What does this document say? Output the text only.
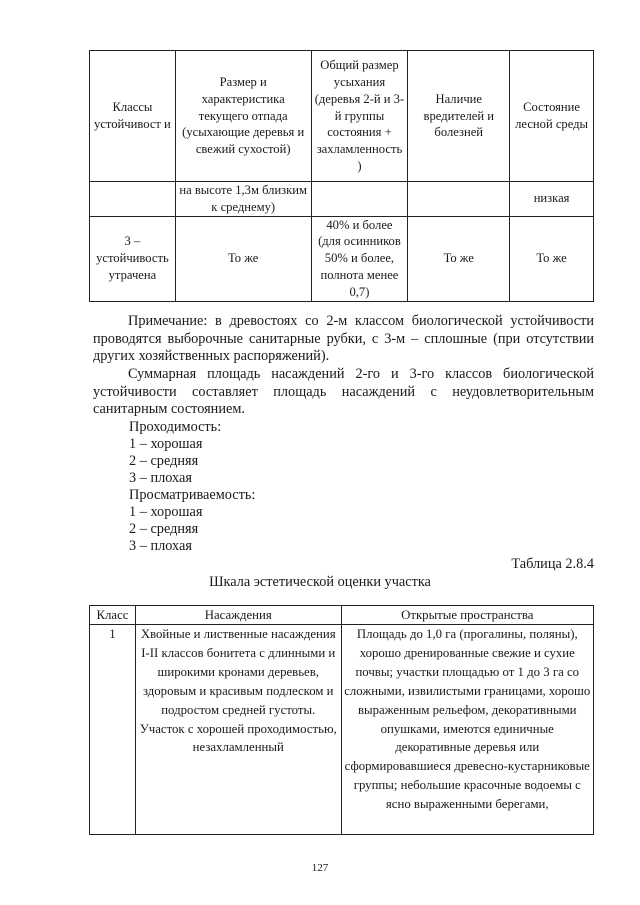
Классы устойчивост и	Размер и характеристика текущего отпада (усыхающие деревья и свежий сухостой)	Общий размер усыхания (деревья 2-й и 3-й группы состояния + захламленность )	Наличие вредителей и болезней	Состояние лесной среды
	на высоте 1,3м близким к среднему)			низкая
3 – устойчивость утрачена	То же	40% и более (для осинников 50% и более, полнота менее 0,7)	То же	То же

Примечание: в древостоях со 2-м классом биологической устойчивости проводятся выборочные санитарные рубки, с 3-м – сплошные (при отсутствии других хозяйственных распоряжений).

Суммарная площадь насаждений 2-го и 3-го классов биологической устойчивости составляет площадь насаждений с неудовлетворительным санитарным состоянием.

Проходимость:

1 – хорошая

2 – средняя

3 – плохая

Просматриваемость:

1 – хорошая

2 – средняя

3 – плохая

Таблица 2.8.4
Шкала эстетической оценки участка
Класс	Насаждения	Открытые пространства
1	Хвойные и лиственные насаждения I-II классов бонитета с длинными и широкими кронами деревьев, здоровым и красивым подлеском и подростом средней густоты. Участок с хорошей проходимостью, незахламленный	Площадь до 1,0 га (прогалины, поляны), хорошо дренированные свежие и сухие почвы; участки площадью от 1 до 3 га со сложными, извилистыми границами, хорошо выраженным рельефом, декоративными опушками, имеются единичные декоративные деревья или сформировавшиеся древесно-кустарниковые группы; небольшие красочные водоемы с ясно выраженными берегами,
127
